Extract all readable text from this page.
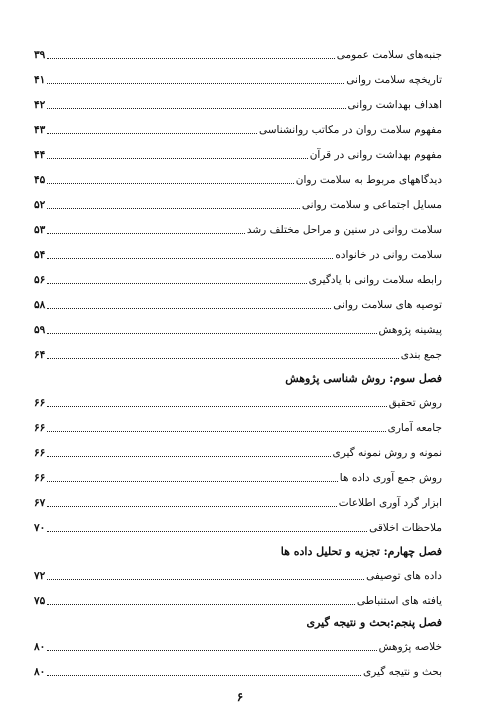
جنبه‌های سلامت عمومی
۳۹
تاریخچه سلامت روانی
۴۱
اهداف بهداشت روانی
۴۲
مفهوم سلامت روان در مکاتب روانشناسی
۴۳
مفهوم بهداشت روانی در قرآن
۴۴
دیدگاههای مربوط به سلامت روان
۴۵
مسایل اجتماعی و سلامت روانی
۵۲
سلامت روانی در سنین و مراحل مختلف رشد
۵۳
سلامت روانی در خانواده
۵۴
رابطه سلامت روانی با یادگیری
۵۶
توصیه های سلامت روانی
۵۸
پیشینه پژوهش
۵۹
جمع بندی
۶۴
فصل سوم: روش شناسی پژوهش
روش تحقیق
۶۶
جامعه آماری
۶۶
نمونه و روش نمونه گیری
۶۶
روش جمع آوری داده ها
۶۶
ابزار گرد آوری اطلاعات
۶۷
ملاحظات اخلاقی
۷۰
فصل چهارم: تجزیه و تحلیل داده ها
داده های توصیفی
۷۲
یافته های استنباطی
۷۵
فصل پنجم:بحث و نتیجه گیری
خلاصه پژوهش
۸۰
بحث و نتیجه گیری
۸۰
۶
